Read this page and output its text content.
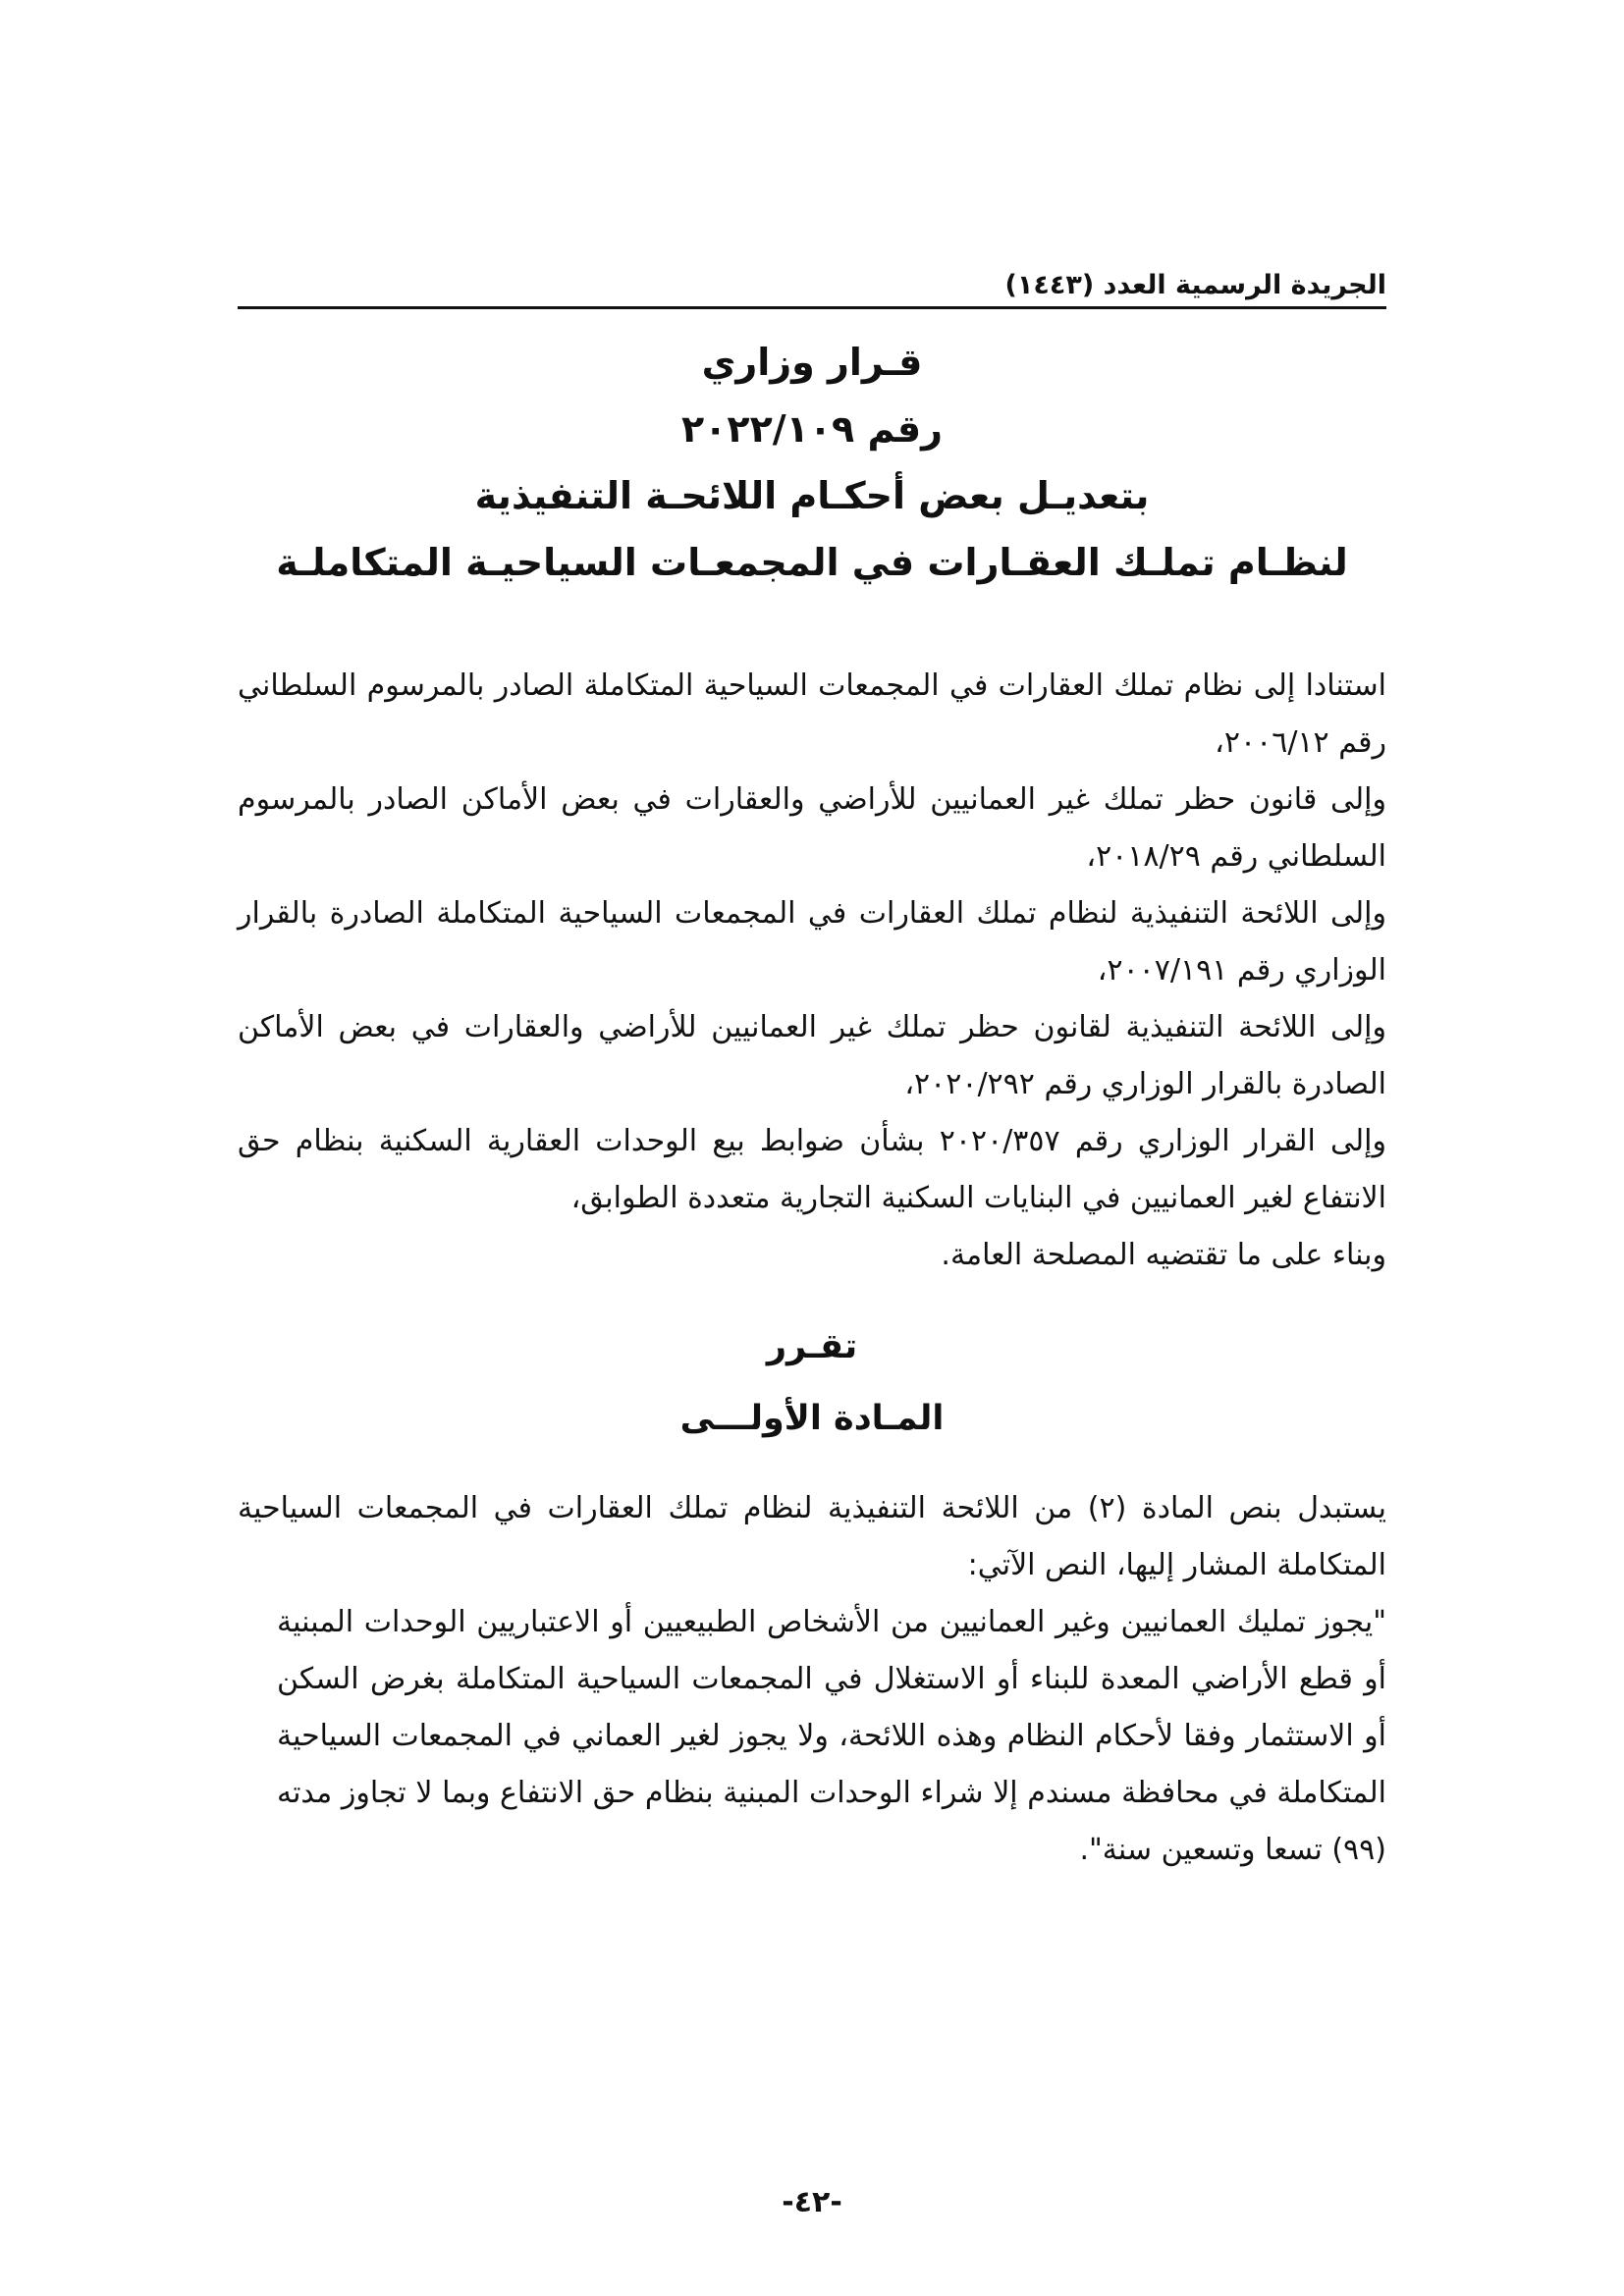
الجريدة الرسمية العدد (١٤٤٣)
قـرار وزاري
رقم ٢٠٢٢/١٠٩
بتعديـل بعض أحكـام اللائحـة التنفيذية
لنظـام تملـك العقـارات في المجمعـات السياحيـة المتكاملـة

استنادا إلى نظام تملك العقارات في المجمعات السياحية المتكاملة الصادر بالمرسوم السلطاني رقم ٢٠٠٦/١٢،

وإلى قانون حظر تملك غير العمانيين للأراضي والعقارات في بعض الأماكن الصادر بالمرسوم السلطاني رقم ٢٠١٨/٢٩،

وإلى اللائحة التنفيذية لنظام تملك العقارات في المجمعات السياحية المتكاملة الصادرة بالقرار الوزاري رقم ٢٠٠٧/١٩١،

وإلى اللائحة التنفيذية لقانون حظر تملك غير العمانيين للأراضي والعقارات في بعض الأماكن الصادرة بالقرار الوزاري رقم ٢٠٢٠/٢٩٢،

وإلى القرار الوزاري رقم ٢٠٢٠/٣٥٧ بشأن ضوابط بيع الوحدات العقارية السكنية بنظام حق الانتفاع لغير العمانيين في البنايات السكنية التجارية متعددة الطوابق،

وبناء على ما تقتضيه المصلحة العامة.

تقـرر
المـادة الأولـــى

يستبدل بنص المادة (٢) من اللائحة التنفيذية لنظام تملك العقارات في المجمعات السياحية المتكاملة المشار إليها، النص الآتي:

"يجوز تمليك العمانيين وغير العمانيين من الأشخاص الطبيعيين أو الاعتباريين الوحدات المبنية أو قطع الأراضي المعدة للبناء أو الاستغلال في المجمعات السياحية المتكاملة بغرض السكن أو الاستثمار وفقا لأحكام النظام وهذه اللائحة، ولا يجوز لغير العماني في المجمعات السياحية المتكاملة في محافظة مسندم إلا شراء الوحدات المبنية بنظام حق الانتفاع وبما لا تجاوز مدته (٩٩) تسعا وتسعين سنة".

-٤٢-
